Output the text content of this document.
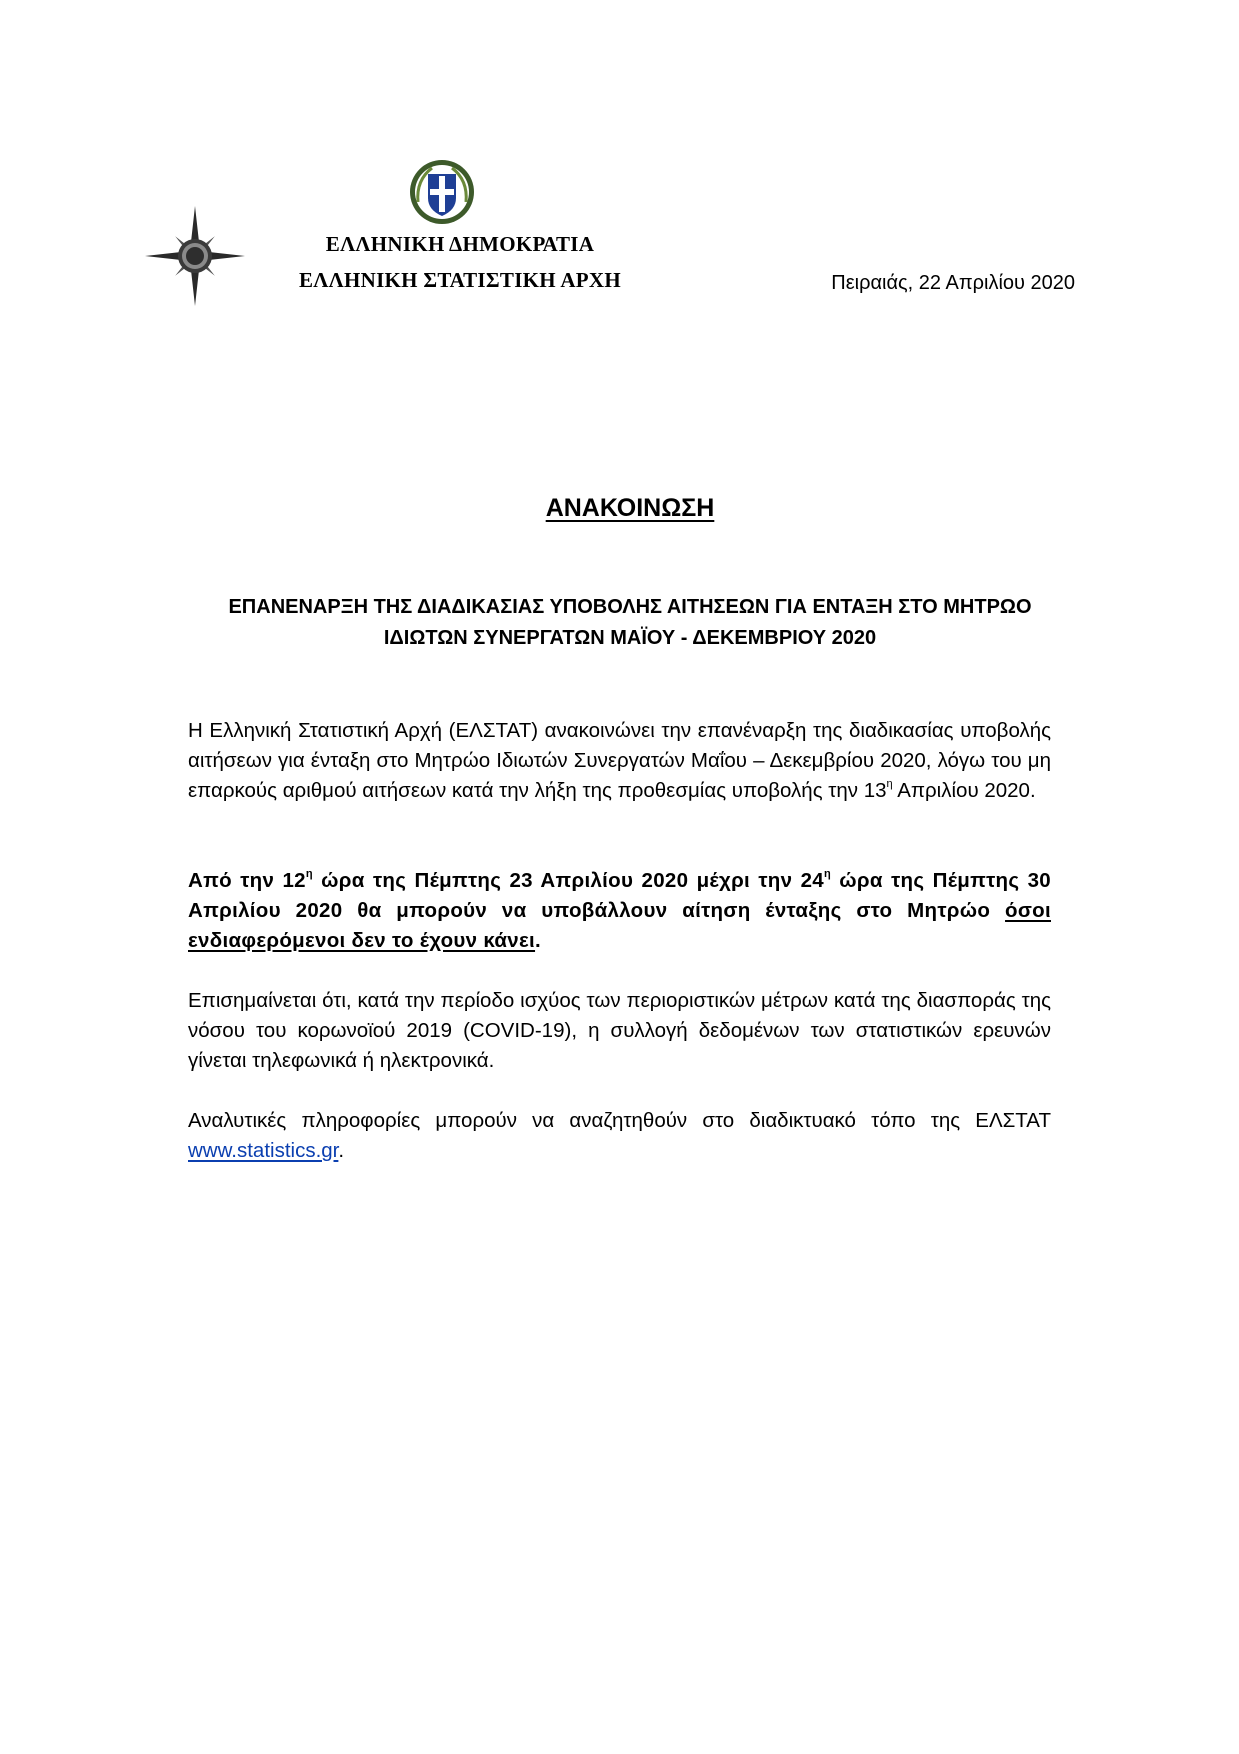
ΕΛΛΗΝΙΚΗ ΔΗΜΟΚΡΑΤΙΑ
ΕΛΛΗΝΙΚΗ ΣΤΑΤΙΣΤΙΚΗ ΑΡΧΗ	Πειραιάς, 22 Απριλίου 2020
ΑΝΑΚΟΙΝΩΣΗ
ΕΠΑΝΕΝΑΡΞΗ ΤΗΣ ΔΙΑΔΙΚΑΣΙΑΣ ΥΠΟΒΟΛΗΣ ΑΙΤΗΣΕΩΝ ΓΙΑ ΕΝΤΑΞΗ ΣΤΟ ΜΗΤΡΩΟ
ΙΔΙΩΤΩΝ ΣΥΝΕΡΓΑΤΩΝ ΜΑΪΟΥ - ΔΕΚΕΜΒΡΙΟΥ 2020
Η Ελληνική Στατιστική Αρχή (ΕΛΣΤΑΤ) ανακοινώνει την επανέναρξη της διαδικασίας υποβολής αιτήσεων για ένταξη στο Μητρώο Ιδιωτών Συνεργατών Μαΐου – Δεκεμβρίου 2020, λόγω του μη επαρκούς αριθμού αιτήσεων κατά την λήξη της προθεσμίας υποβολής την $13^\eta$ Απριλίου 2020.
Από την $12^\eta$ ώρα της Πέμπτης 23 Απριλίου 2020 μέχρι την $24^\eta$ ώρα της Πέμπτης 30 Απριλίου 2020 θα μπορούν να υποβάλλουν αίτηση ένταξης στο Μητρώο όσοι ενδιαφερόμενοι δεν το έχουν κάνει.
Επισημαίνεται ότι, κατά την περίοδο ισχύος των περιοριστικών μέτρων κατά της διασποράς της νόσου του κορωνοϊού 2019 (COVID-19), η συλλογή δεδομένων των στατιστικών ερευνών γίνεται τηλεφωνικά ή ηλεκτρονικά.
Αναλυτικές πληροφορίες μπορούν να αναζητηθούν στο διαδικτυακό τόπο της ΕΛΣΤΑΤ www.statistics.gr.
